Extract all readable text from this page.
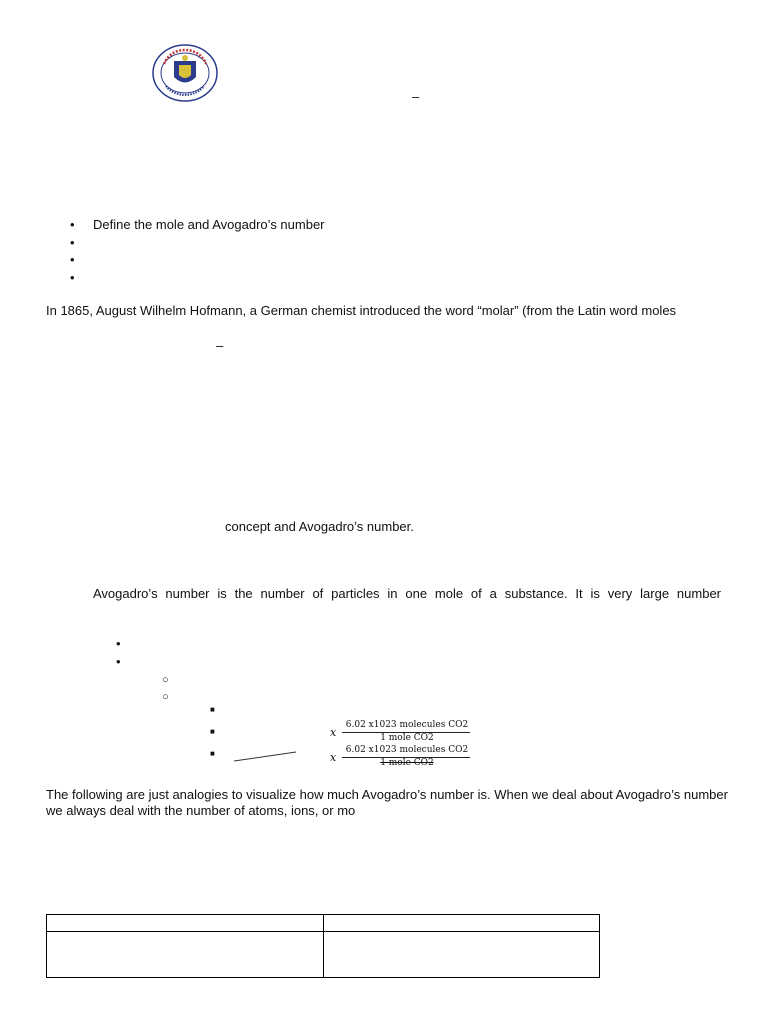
–
• Define the mole and Avogadro’s number
•
•
•
In 1865, August Wilhelm Hofmann, a German chemist introduced the word “molar” (from the Latin word moles
–
concept and Avogadro’s number.
Avogadro’s number is the number of particles in one mole of a substance. It is very large number
•
•
○
○
■
■
■
x
6.02 x1023 molecules CO2
1 mole CO2
x
6.02 x1023 molecules CO2
1 mole CO2
The following are just analogies to visualize how much Avogadro’s number is. When we deal about Avogadro’s number we always deal with the number of atoms, ions, or mo
